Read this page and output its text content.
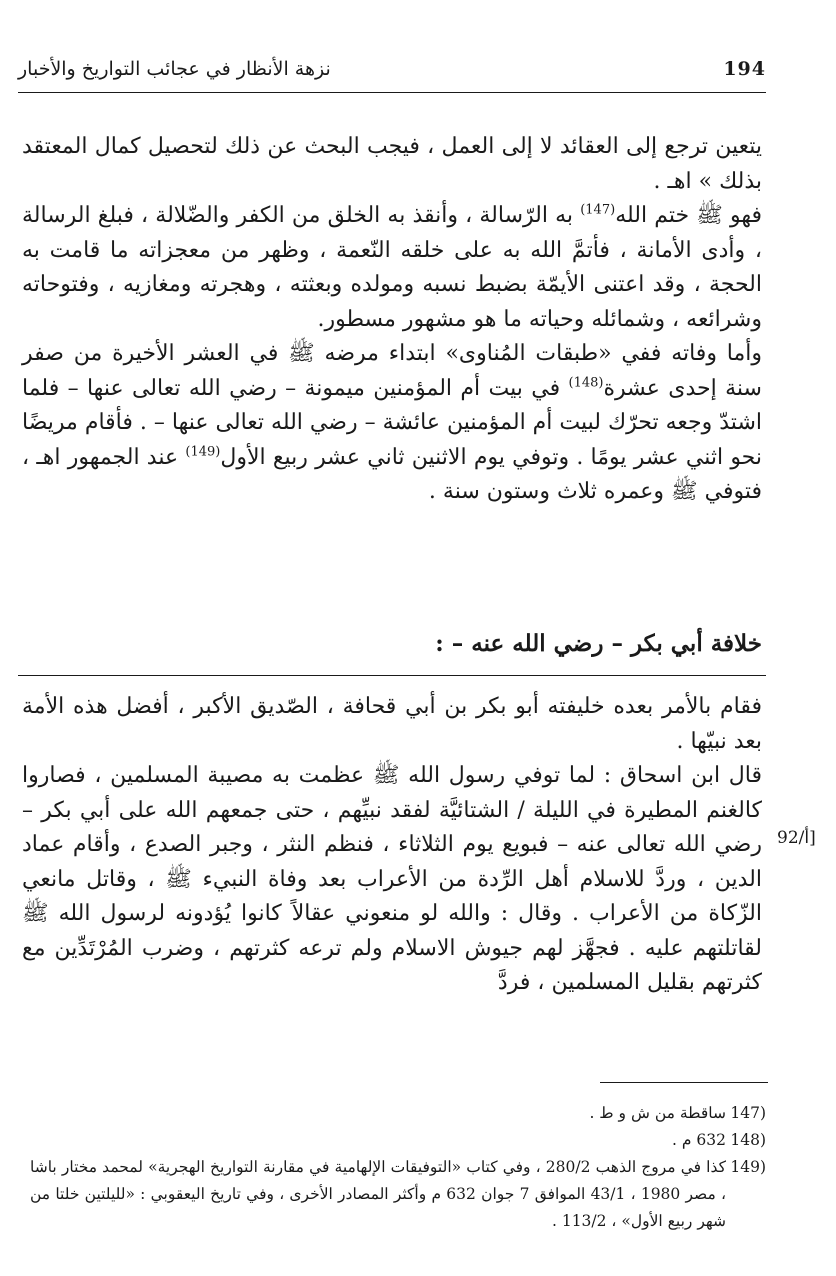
نزهة الأنظار في عجائب التواريخ والأخبار	194

يتعين ترجع إلى العقائد لا إلى العمل ، فيجب البحث عن ذلك لتحصيل كمال المعتقد بذلك » اهـ .

فهو ﷺ ختم الله$^{(147)}$ به الرّسالة ، وأنقذ به الخلق من الكفر والضّلالة ، فبلغ الرسالة ، وأدى الأمانة ، فأتمَّ الله به على خلقه النّعمة ، وظهر من معجزاته ما قامت به الحجة ، وقد اعتنى الأيمّة بضبط نسبه ومولده وبعثته ، وهجرته ومغازيه ، وفتوحاته وشرائعه ، وشمائله وحياته ما هو مشهور مسطور.

وأما وفاته ففي «طبقات المُناوى» ابتداء مرضه ﷺ في العشر الأخيرة من صفر سنة إحدى عشرة$^{(148)}$ في بيت أم المؤمنين ميمونة – رضي الله تعالى عنها – فلما اشتدّ وجعه تحرّك لبيت أم المؤمنين عائشة – رضي الله تعالى عنها – . فأقام مريضًا نحو اثني عشر يومًا . وتوفي يوم الاثنين ثاني عشر ربيع الأول$^{(149)}$ عند الجمهور اهـ ، فتوفي ﷺ وعمره ثلاث وستون سنة .

خلافة أبي بكر – رضي الله عنه – :

فقام بالأمر بعده خليفته أبو بكر بن أبي قحافة ، الصّديق الأكبر ، أفضل هذه الأمة بعد نبيّها .

قال ابن اسحاق : لما توفي رسول الله ﷺ عظمت به مصيبة المسلمين ، فصاروا كالغنم المطيرة في الليلة / الشتائيَّة لفقد نبيِّهم ، حتى جمعهم الله على أبي بكر – رضي الله تعالى عنه – فبويع يوم الثلاثاء ، فنظم النثر ، وجبر الصدع ، وأقام عماد الدين ، وردَّ للاسلام أهل الرِّدة من الأعراب بعد وفاة النبيء ﷺ ، وقاتل مانعي الزّكاة من الأعراب . وقال : والله لو منعوني عقالاً كانوا يُؤدونه لرسول الله ﷺ لقاتلتهم عليه . فجهَّز لهم جيوش الاسلام ولم ترعه كثرتهم ، وضرب المُرْتَدِّين مع كثرتهم بقليل المسلمين ، فردَّ

92/أ]
(147
ساقطة من ش و ط .
(148
632 م .
(149
كذا في مروج الذهب 280/2 ، وفي كتاب «التوفيقات الإلهامية في مقارنة التواريخ الهجرية» لمحمد مختار باشا ، مصر 1980 ، 43/1 الموافق 7 جوان 632 م وأكثر المصادر الأخرى ، وفي تاريخ اليعقوبي : «لليلتين خلتا من شهر ربيع الأول» ، 113/2 .
